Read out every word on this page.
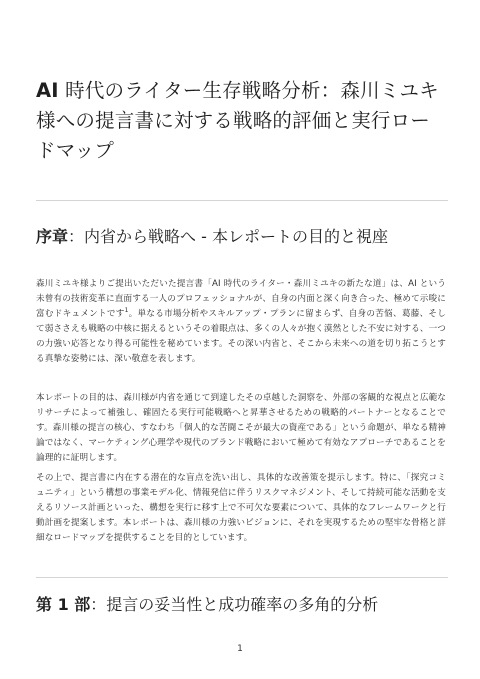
AI 時代のライター生存戦略分析：森川ミユキ様への提言書に対する戦略的評価と実行ロードマップ
序章：内省から戦略へ - 本レポートの目的と視座

森川ミユキ様よりご提出いただいた提言書「AI 時代のライター・森川ミユキの新たな道」は、AI という未曾有の技術変革に直面する一人のプロフェッショナルが、自身の内面と深く向き合った、極めて示唆に富むドキュメントです$^1$。単なる市場分析やスキルアップ・プランに留まらず、自身の苦悩、葛藤、そして弱ささえも戦略の中核に据えるというその着眼点は、多くの人々が抱く漠然とした不安に対する、一つの力強い応答となり得る可能性を秘めています。その深い内省と、そこから未来への道を切り拓こうとする真摯な姿勢には、深い敬意を表します。

本レポートの目的は、森川様が内省を通じて到達したその卓越した洞察を、外部の客観的な視点と広範なリサーチによって補強し、確固たる実行可能戦略へと昇華させるための戦略的パートナーとなることです。森川様の提言の核心、すなわち「個人的な苦闘こそが最大の資産である」という命題が、単なる精神論ではなく、マーケティング心理学や現代のブランド戦略において極めて有効なアプローチであることを論理的に証明します。

その上で、提言書に内在する潜在的な盲点を洗い出し、具体的な改善策を提示します。特に、「探究コミュニティ」という構想の事業モデル化、情報発信に伴うリスクマネジメント、そして持続可能な活動を支えるリソース計画といった、構想を実行に移す上で不可欠な要素について、具体的なフレームワークと行動計画を提案します。本レポートは、森川様の力強いビジョンに、それを実現するための堅牢な骨格と詳細なロードマップを提供することを目的としています。

第 1 部：提言の妥当性と成功確率の多角的分析
1
